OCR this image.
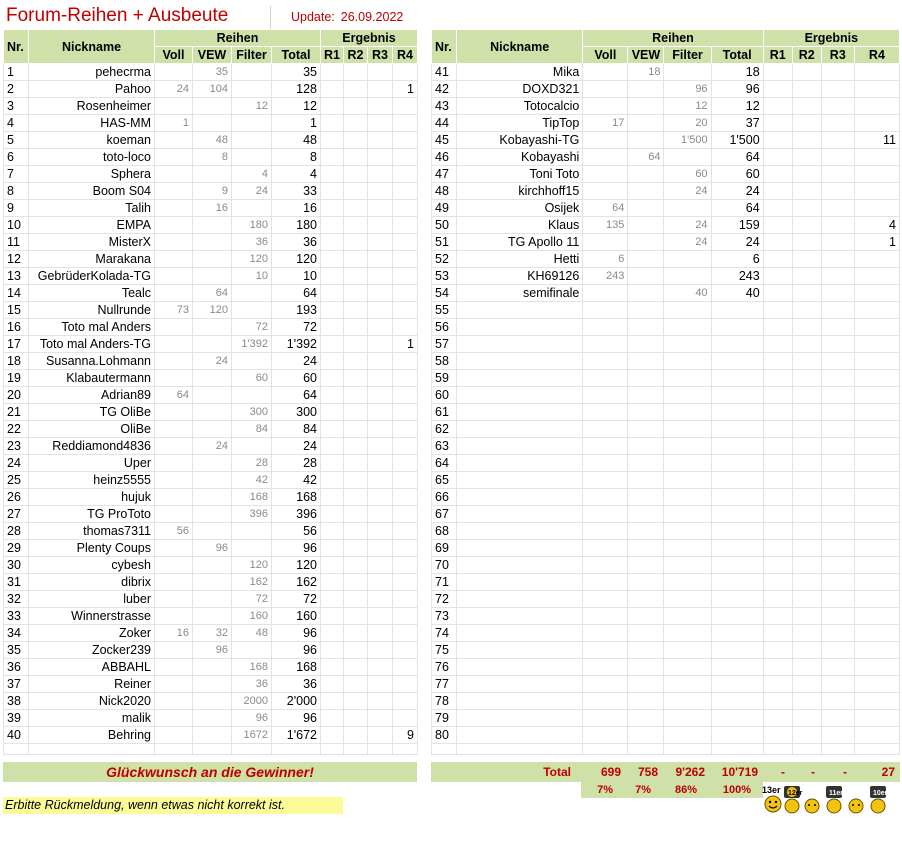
Forum-Reihen + Ausbeute	Update: 26.09.2022
Nr.	Nickname	Reihen				Ergebnis			
		Voll	VEW	Filter	Total	R1	R2	R3	R4
1	pehecrma		35		35				
2	Pahoo	24	104		128				1
3	Rosenheimer			12	12				
4	HAS-MM	1			1				
5	koeman		48		48				
6	toto-loco		8		8				
7	Sphera			4	4				
8	Boom S04		9	24	33				
9	Talih		16		16				
10	EMPA			180	180				
11	MisterX			36	36				
12	Marakana			120	120				
13	GebrüderKolada-TG			10	10				
14	Tealc		64		64				
15	Nullrunde	73	120		193				
16	Toto mal Anders			72	72				
17	Toto mal Anders-TG			1'392	1'392				1
18	Susanna.Lohmann		24		24				
19	Klabautermann			60	60				
20	Adrian89	64			64				
21	TG OliBe			300	300				
22	OliBe			84	84				
23	Reddiamond4836		24		24				
24	Uper			28	28				
25	heinz5555			42	42				
26	hujuk			168	168				
27	TG ProToto			396	396				
28	thomas7311	56			56				
29	Plenty Coups		96		96				
30	cybesh			120	120				
31	dibrix			162	162				
32	luber			72	72				
33	Winnerstrasse			160	160				
34	Zoker	16	32	48	96				
35	Zocker239		96		96				
36	ABBAHL			168	168				
37	Reiner			36	36				
38	Nick2020			2000	2'000				
39	malik			96	96				
40	Behring			1672	1'672				9

Nr.	Nickname	Reihen				Ergebnis			
		Voll	VEW	Filter	Total	R1	R2	R3	R4
41	Mika		18		18				
42	DOXD321			96	96				
43	Totocalcio			12	12				
44	TipTop	17		20	37				
45	Kobayashi-TG			1'500	1'500				11
46	Kobayashi		64		64				
47	Toni Toto			60	60				
48	kirchhoff15			24	24				
49	Osijek	64			64				
50	Klaus	135		24	159				4
51	TG Apollo 11			24	24				1
52	Hetti	6			6				
53	KH69126	243			243				
54	semifinale			40	40				
55									
56									
57									
58									
59									
60									
61									
62									
63									
64									
65									
66									
67									
68									
69									
70									
71									
72									
73									
74									
75									
76									
77									
78									
79									
80									

Glückwunsch an die Gewinner!	Total	699	758	9'262	10'719	-	-	-	27
7%	7%	86%	100%
Erbitte Rückmeldung, wenn etwas nicht korrekt ist.
13er 12er	11er	10er
